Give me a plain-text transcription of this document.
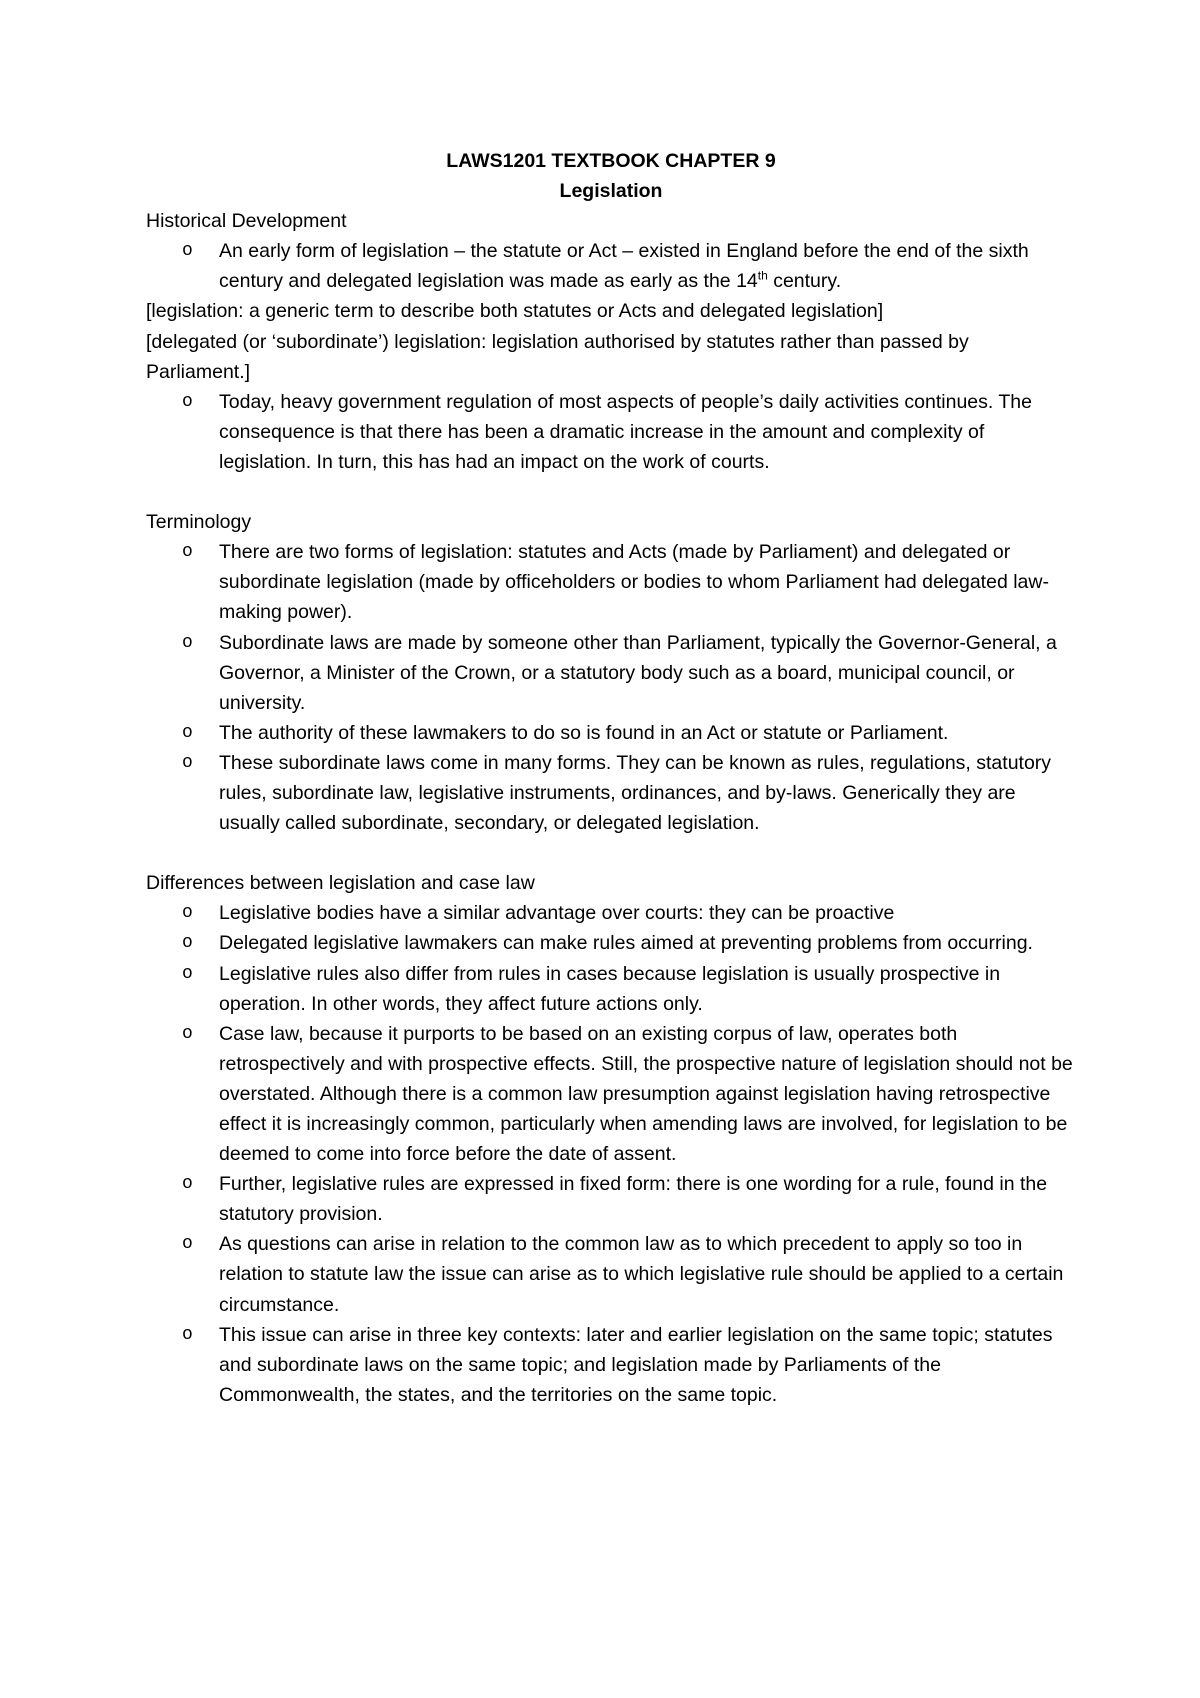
LAWS1201 TEXTBOOK CHAPTER 9

Legislation

Historical Development

o An early form of legislation – the statute or Act – existed in England before the end of the sixth century and delegated legislation was made as early as the 14th century.

[legislation: a generic term to describe both statutes or Acts and delegated legislation]

[delegated (or ‘subordinate’) legislation: legislation authorised by statutes rather than passed by Parliament.]

o Today, heavy government regulation of most aspects of people’s daily activities continues. The consequence is that there has been a dramatic increase in the amount and complexity of legislation. In turn, this has had an impact on the work of courts.

Terminology

o There are two forms of legislation: statutes and Acts (made by Parliament) and delegated or subordinate legislation (made by officeholders or bodies to whom Parliament had delegated law-making power).
o Subordinate laws are made by someone other than Parliament, typically the Governor-General, a Governor, a Minister of the Crown, or a statutory body such as a board, municipal council, or university.
o The authority of these lawmakers to do so is found in an Act or statute or Parliament.
o These subordinate laws come in many forms. They can be known as rules, regulations, statutory rules, subordinate law, legislative instruments, ordinances, and by-laws. Generically they are usually called subordinate, secondary, or delegated legislation.

Differences between legislation and case law

o Legislative bodies have a similar advantage over courts: they can be proactive
o Delegated legislative lawmakers can make rules aimed at preventing problems from occurring.
o Legislative rules also differ from rules in cases because legislation is usually prospective in operation. In other words, they affect future actions only.
o Case law, because it purports to be based on an existing corpus of law, operates both retrospectively and with prospective effects. Still, the prospective nature of legislation should not be overstated. Although there is a common law presumption against legislation having retrospective effect it is increasingly common, particularly when amending laws are involved, for legislation to be deemed to come into force before the date of assent.
o Further, legislative rules are expressed in fixed form: there is one wording for a rule, found in the statutory provision.
o As questions can arise in relation to the common law as to which precedent to apply so too in relation to statute law the issue can arise as to which legislative rule should be applied to a certain circumstance.
o This issue can arise in three key contexts: later and earlier legislation on the same topic; statutes and subordinate laws on the same topic; and legislation made by Parliaments of the Commonwealth, the states, and the territories on the same topic.
